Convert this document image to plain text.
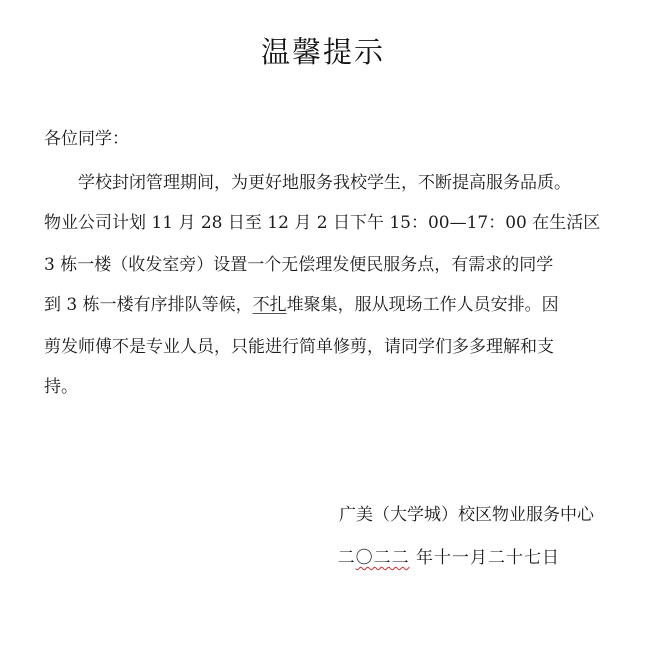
温馨提示
各位同学：
学校封闭管理期间，为更好地服务我校学生，不断提高服务品质。
物业公司计划 11 月 28 日至 12 月 2 日下午 15：00—17：00 在生活区
3 栋一楼（收发室旁）设置一个无偿理发便民服务点，有需求的同学
到 3 栋一楼有序排队等候，不扎堆聚集，服从现场工作人员安排。因
剪发师傅不是专业人员，只能进行简单修剪，请同学们多多理解和支
持。
广美（大学城）校区物业服务中心
二〇二二 年十一月二十七日
